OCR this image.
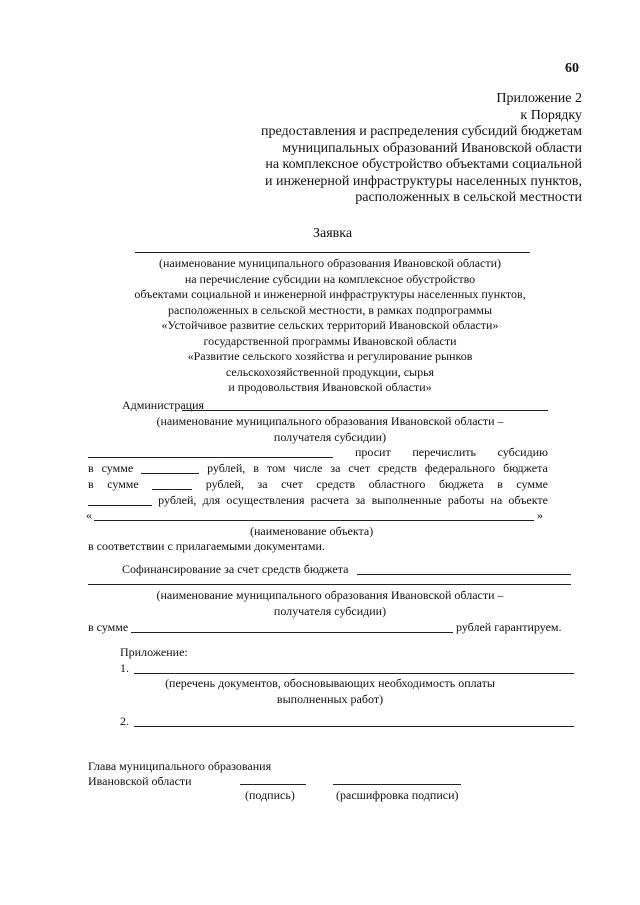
60
Приложение 2
к Порядку
предоставления и распределения субсидий бюджетам
муниципальных образований Ивановской области
на комплексное обустройство объектами социальной
и инженерной инфраструктуры населенных пунктов,
расположенных в сельской местности
Заявка
(наименование муниципального образования Ивановской области)
на перечисление субсидии на комплексное обустройство
объектами социальной и инженерной инфраструктуры населенных пунктов,
расположенных в сельской местности, в рамках подпрограммы
«Устойчивое развитие сельских территорий Ивановской области»
государственной программы Ивановской области
«Развитие сельского хозяйства и регулирование рынков
сельскохозяйственной продукции, сырья
и продовольствия Ивановской области»
Администрация
(наименование муниципального образования Ивановской области –
получателя субсидии)
просит перечислить субсидию
в сумме	рублей, в том числе за счет средств федерального бюджета
в сумме	рублей, за счет средств областного бюджета в сумме
рублей, для осуществления расчета за выполненные работы на объекте
«	»
(наименование объекта)
в соответствии с прилагаемыми документами.
Софинансирование за счет средств бюджета
(наименование муниципального образования Ивановской области –
получателя субсидии)
в сумме	рублей гарантируем.
Приложение:
1.
(перечень документов, обосновывающих необходимость оплаты
выполненных работ)
2.
Глава муниципального образования
Ивановской области
(подпись)	(расшифровка подписи)
